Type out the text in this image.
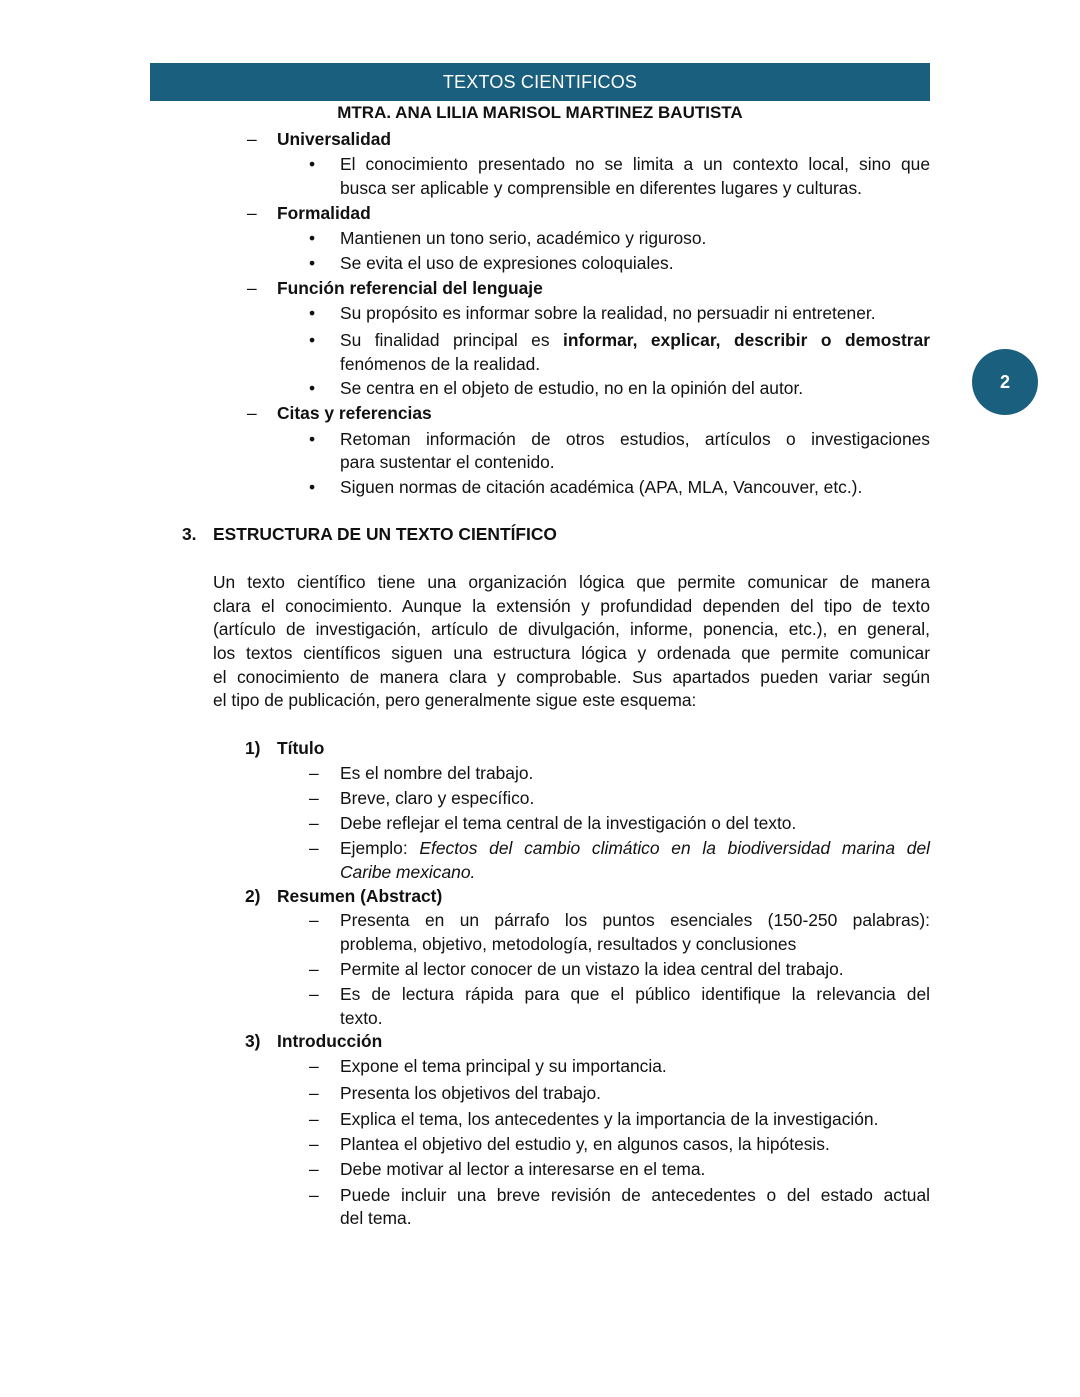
TEXTOS CIENTIFICOS
MTRA. ANA LILIA MARISOL MARTINEZ BAUTISTA
2
– Universalidad
• El conocimiento presentado no se limita a un contexto local, sino que
busca ser aplicable y comprensible en diferentes lugares y culturas.
– Formalidad
• Mantienen un tono serio, académico y riguroso.
• Se evita el uso de expresiones coloquiales.
– Función referencial del lenguaje
• Su propósito es informar sobre la realidad, no persuadir ni entretener.
• Su finalidad principal es informar, explicar, describir o demostrar
fenómenos de la realidad.
• Se centra en el objeto de estudio, no en la opinión del autor.
– Citas y referencias
• Retoman información de otros estudios, artículos o investigaciones
para sustentar el contenido.
• Siguen normas de citación académica (APA, MLA, Vancouver, etc.).
3. ESTRUCTURA DE UN TEXTO CIENTÍFICO
Un texto científico tiene una organización lógica que permite comunicar de manera
clara el conocimiento. Aunque la extensión y profundidad dependen del tipo de texto
(artículo de investigación, artículo de divulgación, informe, ponencia, etc.), en general,
los textos científicos siguen una estructura lógica y ordenada que permite comunicar
el conocimiento de manera clara y comprobable. Sus apartados pueden variar según
el tipo de publicación, pero generalmente sigue este esquema:
1) Título
– Es el nombre del trabajo.
– Breve, claro y específico.
– Debe reflejar el tema central de la investigación o del texto.
– Ejemplo: Efectos del cambio climático en la biodiversidad marina del
Caribe mexicano.
2) Resumen (Abstract)
– Presenta en un párrafo los puntos esenciales (150-250 palabras):
problema, objetivo, metodología, resultados y conclusiones
– Permite al lector conocer de un vistazo la idea central del trabajo.
– Es de lectura rápida para que el público identifique la relevancia del
texto.
3) Introducción
– Expone el tema principal y su importancia.
– Presenta los objetivos del trabajo.
– Explica el tema, los antecedentes y la importancia de la investigación.
– Plantea el objetivo del estudio y, en algunos casos, la hipótesis.
– Debe motivar al lector a interesarse en el tema.
– Puede incluir una breve revisión de antecedentes o del estado actual
del tema.
